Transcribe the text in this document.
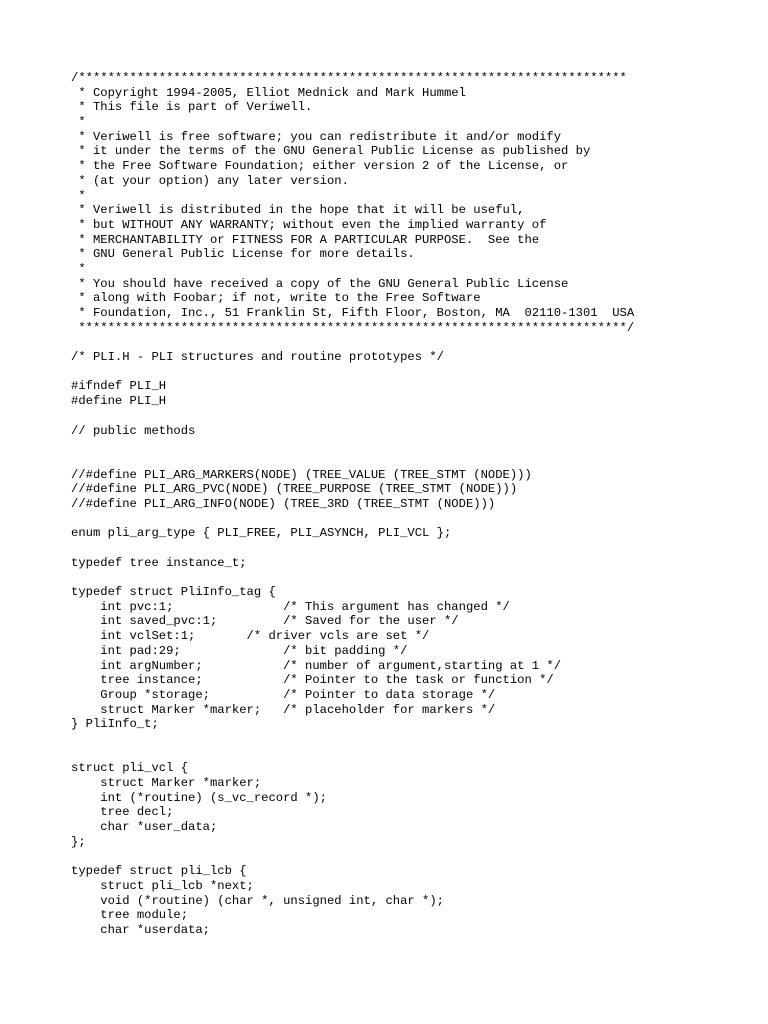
/***************************************************************************
* Copyright 1994-2005, Elliot Mednick and Mark Hummel
* This file is part of Veriwell.
*
* Veriwell is free software; you can redistribute it and/or modify
* it under the terms of the GNU General Public License as published by
* the Free Software Foundation; either version 2 of the License, or
* (at your option) any later version.
*
* Veriwell is distributed in the hope that it will be useful,
* but WITHOUT ANY WARRANTY; without even the implied warranty of
* MERCHANTABILITY or FITNESS FOR A PARTICULAR PURPOSE.  See the
* GNU General Public License for more details.
*
* You should have received a copy of the GNU General Public License
* along with Foobar; if not, write to the Free Software
* Foundation, Inc., 51 Franklin St, Fifth Floor, Boston, MA  02110-1301  USA
***************************************************************************/
/* PLI.H - PLI structures and routine prototypes */
#ifndef PLI_H
#define PLI_H
// public methods
//#define PLI_ARG_MARKERS(NODE) (TREE_VALUE (TREE_STMT (NODE)))
//#define PLI_ARG_PVC(NODE) (TREE_PURPOSE (TREE_STMT (NODE)))
//#define PLI_ARG_INFO(NODE) (TREE_3RD (TREE_STMT (NODE)))
enum pli_arg_type { PLI_FREE, PLI_ASYNCH, PLI_VCL };
typedef tree instance_t;
typedef struct PliInfo_tag {
int pvc:1;               /* This argument has changed */
int saved_pvc:1;         /* Saved for the user */
int vclSet:1;       /* driver vcls are set */
int pad:29;              /* bit padding */
int argNumber;           /* number of argument,starting at 1 */
tree instance;           /* Pointer to the task or function */
Group *storage;          /* Pointer to data storage */
struct Marker *marker;   /* placeholder for markers */
} PliInfo_t;
struct pli_vcl {
struct Marker *marker;
int (*routine) (s_vc_record *);
tree decl;
char *user_data;
};
typedef struct pli_lcb {
struct pli_lcb *next;
void (*routine) (char *, unsigned int, char *);
tree module;
char *userdata;
